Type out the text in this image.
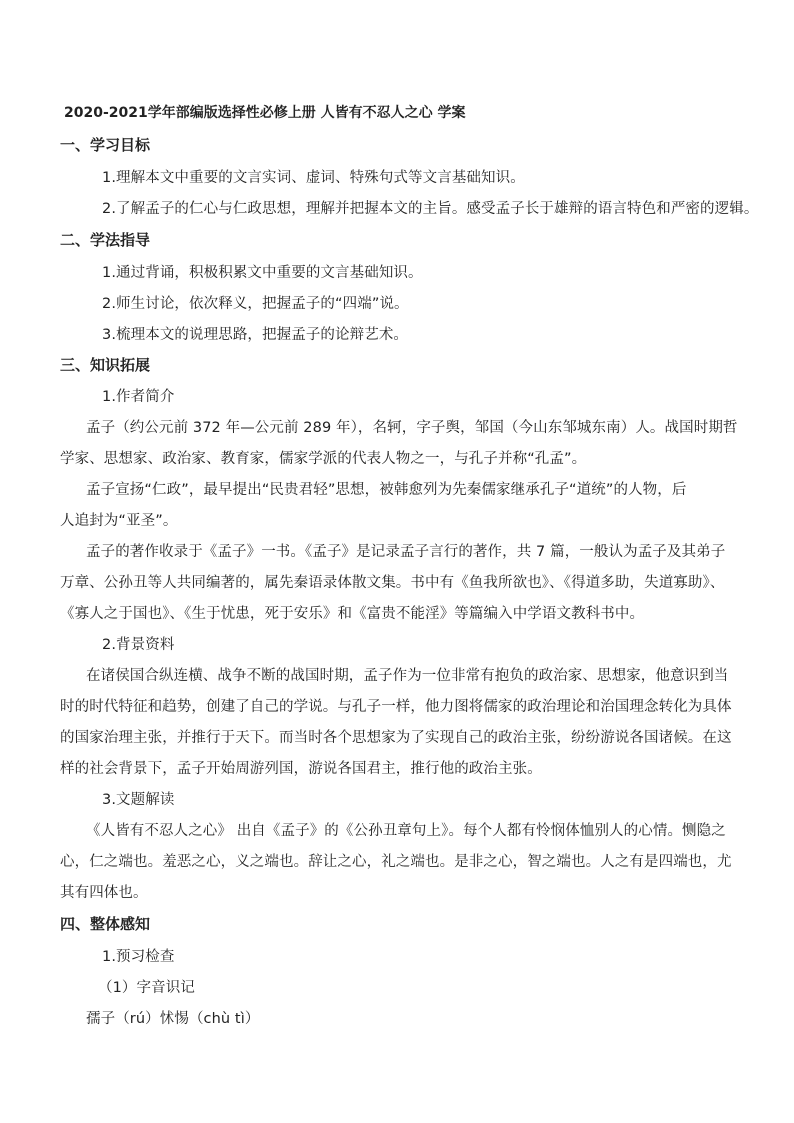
2020-2021学年部编版选择性必修上册 人皆有不忍人之心 学案
一、学习目标
1.理解本文中重要的文言实词、虚词、特殊句式等文言基础知识。
2.了解孟子的仁心与仁政思想，理解并把握本文的主旨。感受孟子长于雄辩的语言特色和严密的逻辑。
二、学法指导
1.通过背诵，积极积累文中重要的文言基础知识。
2.师生讨论，依次释义，把握孟子的“四端”说。
3.梳理本文的说理思路，把握孟子的论辩艺术。
三、知识拓展
1.作者简介
孟子（约公元前 372 年—公元前 289 年），名轲，字子舆，邹国（今山东邹城东南）人。战国时期哲
学家、思想家、政治家、教育家，儒家学派的代表人物之一，与孔子并称“孔孟”。
孟子宣扬“仁政”，最早提出“民贵君轻”思想，被韩愈列为先秦儒家继承孔子“道统”的人物，后
人追封为“亚圣”。
孟子的著作收录于《孟子》一书。《孟子》是记录孟子言行的著作，共 7 篇，一般认为孟子及其弟子
万章、公孙丑等人共同编著的，属先秦语录体散文集。书中有《鱼我所欲也》、《得道多助，失道寡助》、
《寡人之于国也》、《生于忧患，死于安乐》和《富贵不能淫》等篇编入中学语文教科书中。
2.背景资料
在诸侯国合纵连横、战争不断的战国时期，孟子作为一位非常有抱负的政治家、思想家，他意识到当
时的时代特征和趋势，创建了自己的学说。与孔子一样，他力图将儒家的政治理论和治国理念转化为具体
的国家治理主张，并推行于天下。而当时各个思想家为了实现自己的政治主张，纷纷游说各国诸候。在这
样的社会背景下，孟子开始周游列国，游说各国君主，推行他的政治主张。
3.文题解读
《人皆有不忍人之心》 出自《孟子》的《公孙丑章句上》。每个人都有怜悯体恤别人的心情。恻隐之
心，仁之端也。羞恶之心，义之端也。辞让之心，礼之端也。是非之心，智之端也。人之有是四端也，尤
其有四体也。
四、整体感知
1.预习检查
（1）字音识记
孺子（rú）怵惕（chù tì）
